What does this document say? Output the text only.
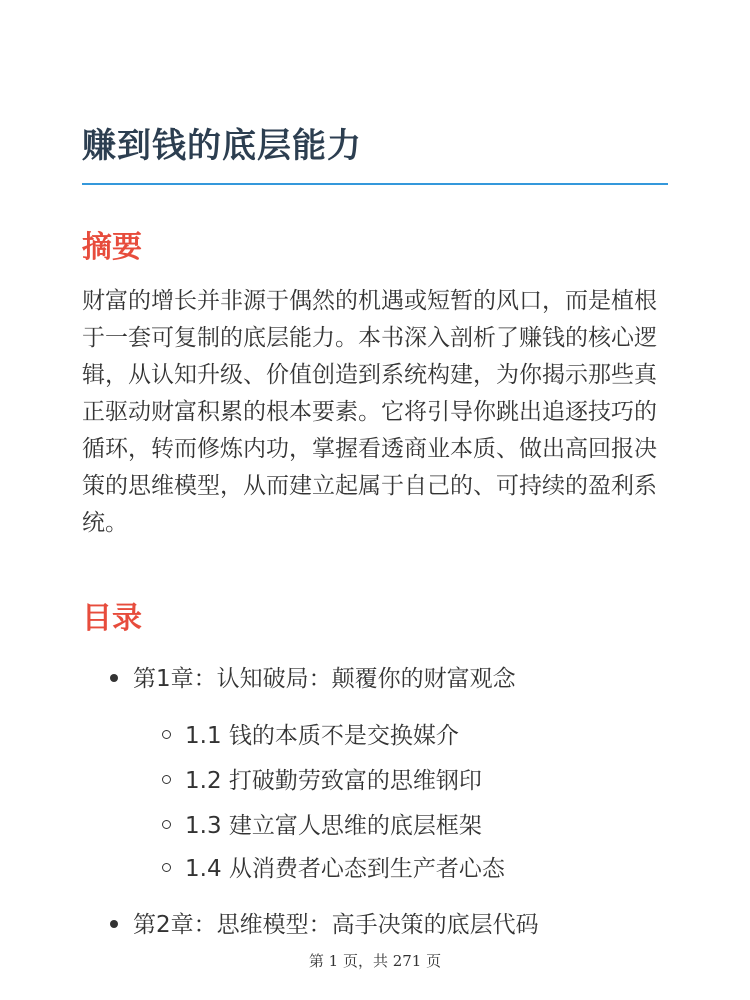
赚到钱的底层能力
摘要

财富的增长并非源于偶然的机遇或短暂的风口，而是植根于一套可复制的底层能力。本书深入剖析了赚钱的核心逻辑，从认知升级、价值创造到系统构建，为你揭示那些真正驱动财富积累的根本要素。它将引导你跳出追逐技巧的循环，转而修炼内功，掌握看透商业本质、做出高回报决策的思维模型，从而建立起属于自己的、可持续的盈利系统。

目录
第1章：认知破局：颠覆你的财富观念
1.1 钱的本质不是交换媒介
1.2 打破勤劳致富的思维钢印
1.3 建立富人思维的底层框架
1.4 从消费者心态到生产者心态
第2章：思维模型：高手决策的底层代码
第 1 页，共 271 页
